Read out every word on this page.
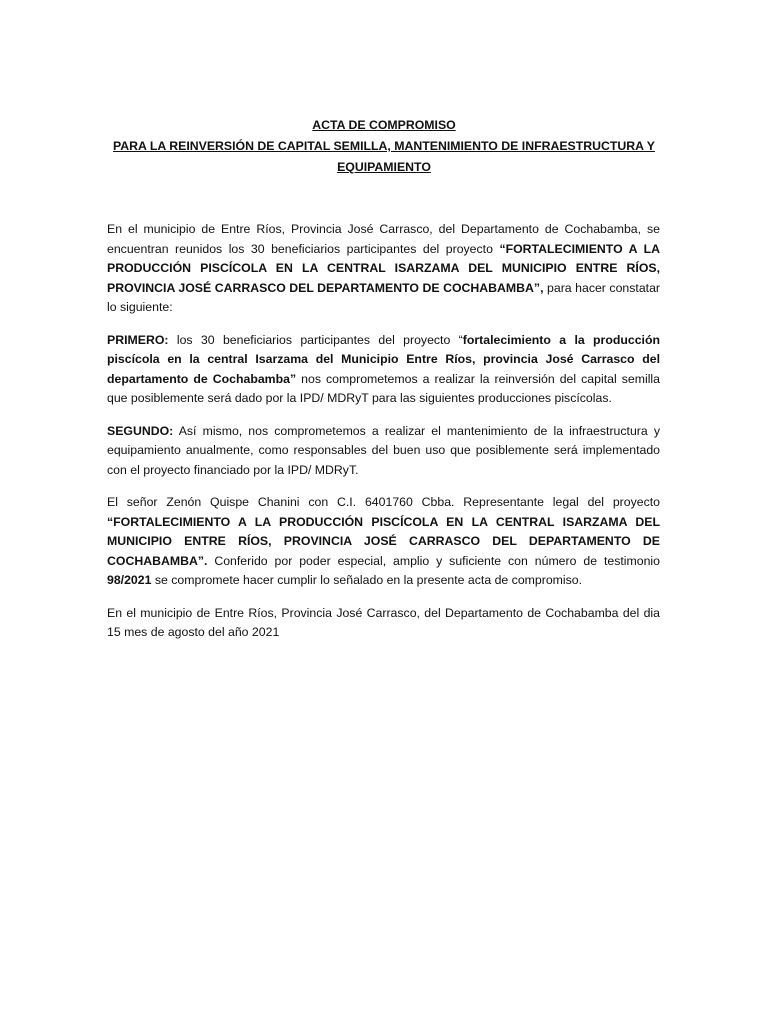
ACTA DE COMPROMISO
PARA LA REINVERSIÓN DE CAPITAL SEMILLA, MANTENIMIENTO DE INFRAESTRUCTURA Y
EQUIPAMIENTO

En el municipio de Entre Ríos, Provincia José Carrasco, del Departamento de Cochabamba, se encuentran reunidos los 30 beneficiarios participantes del proyecto “FORTALECIMIENTO A LA PRODUCCIÓN PISCÍCOLA EN LA CENTRAL ISARZAMA DEL MUNICIPIO ENTRE RÍOS, PROVINCIA JOSÉ CARRASCO DEL DEPARTAMENTO DE COCHABAMBA”, para hacer constatar lo siguiente:

PRIMERO: los 30 beneficiarios participantes del proyecto “fortalecimiento a la producción piscícola en la central Isarzama del Municipio Entre Ríos, provincia José Carrasco del departamento de Cochabamba” nos comprometemos a realizar la reinversión del capital semilla que posiblemente será dado por la IPD/ MDRyT para las siguientes producciones piscícolas.

SEGUNDO: Así mismo, nos comprometemos a realizar el mantenimiento de la infraestructura y equipamiento anualmente, como responsables del buen uso que posiblemente será implementado con el proyecto financiado por la IPD/ MDRyT.

El señor Zenón Quispe Chanini con C.I. 6401760 Cbba. Representante legal del proyecto “FORTALECIMIENTO A LA PRODUCCIÓN PISCÍCOLA EN LA CENTRAL ISARZAMA DEL MUNICIPIO ENTRE RÍOS, PROVINCIA JOSÉ CARRASCO DEL DEPARTAMENTO DE COCHABAMBA”. Conferido por poder especial, amplio y suficiente con número de testimonio 98/2021 se compromete hacer cumplir lo señalado en la presente acta de compromiso.

En el municipio de Entre Ríos, Provincia José Carrasco, del Departamento de Cochabamba del dia 15 mes de agosto del año 2021
